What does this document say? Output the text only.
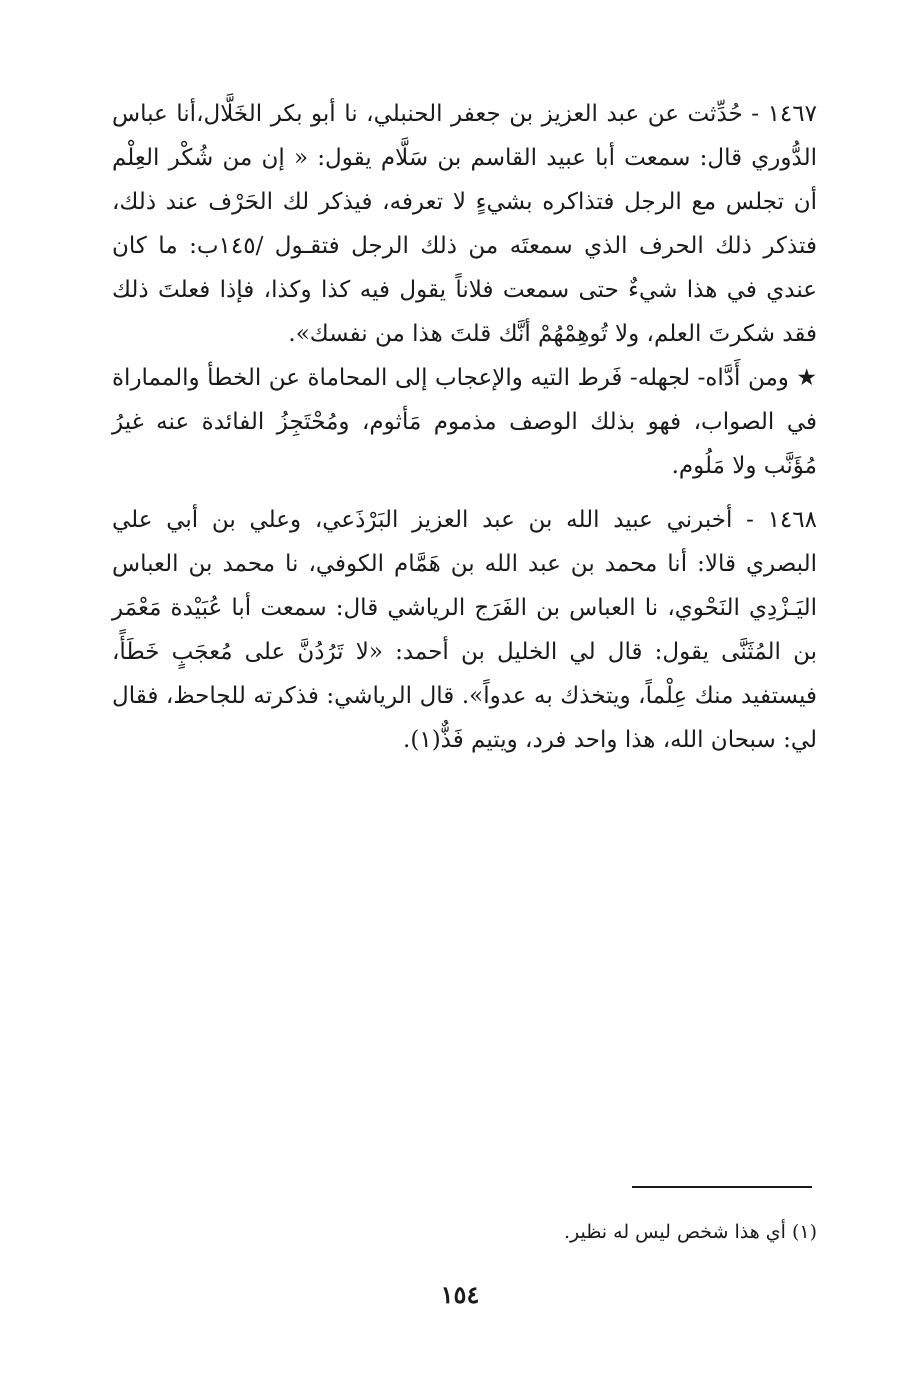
١٤٦٧ - حُدِّثت عن عبد العزيز بن جعفر الحنبلي، نا أبو بكر الخَلَّال،أنا عباس الدُّوري قال: سمعت أبا عبيد القاسم بن سَلَّام يقول: « إن من شُكْر العِلْم أن تجلس مع الرجل فتذاكره بشيءٍ لا تعرفه، فيذكر لك الحَرْف عند ذلك، فتذكر ذلك الحرف الذي سمعتَه من ذلك الرجل فتقـول /١٤٥ب: ما كان عندي في هذا شيءٌ حتى سمعت فلاناً يقول فيه كذا وكذا، فإذا فعلتَ ذلك فقد شكرتَ العلم، ولا تُوهِمْهُمْ أنَّك قلتَ هذا من نفسك».

★ ومن أَدَّاه- لجهله- فَرط التيه والإعجاب إلى المحاماة عن الخطأ والمماراة في الصواب، فهو بذلك الوصف مذموم مَأثوم، ومُحْتَجِزُ الفائدة عنه غيرُ مُؤَنَّب ولا مَلُوم.

١٤٦٨ - أخبرني عبيد الله بن عبد العزيز البَرْذَعي، وعلي بن أبي علي البصري قالا: أنا محمد بن عبد الله بن هَمَّام الكوفي، نا محمد بن العباس اليَـزْدِي النَحْوي، نا العباس بن الفَرَج الرياشي قال: سمعت أبا عُبَيْدة مَعْمَر بن المُثَنَّى يقول: قال لي الخليل بن أحمد: «لا تَرُدُنَّ على مُعجَبٍ خَطَأً، فيستفيد منك عِلْماً، ويتخذك به عدواً». قال الرياشي: فذكرته للجاحظ، فقال لي: سبحان الله، هذا واحد فرد، ويتيم فَذٌّ(١).

(١) أي هذا شخص ليس له نظير.
١٥٤
